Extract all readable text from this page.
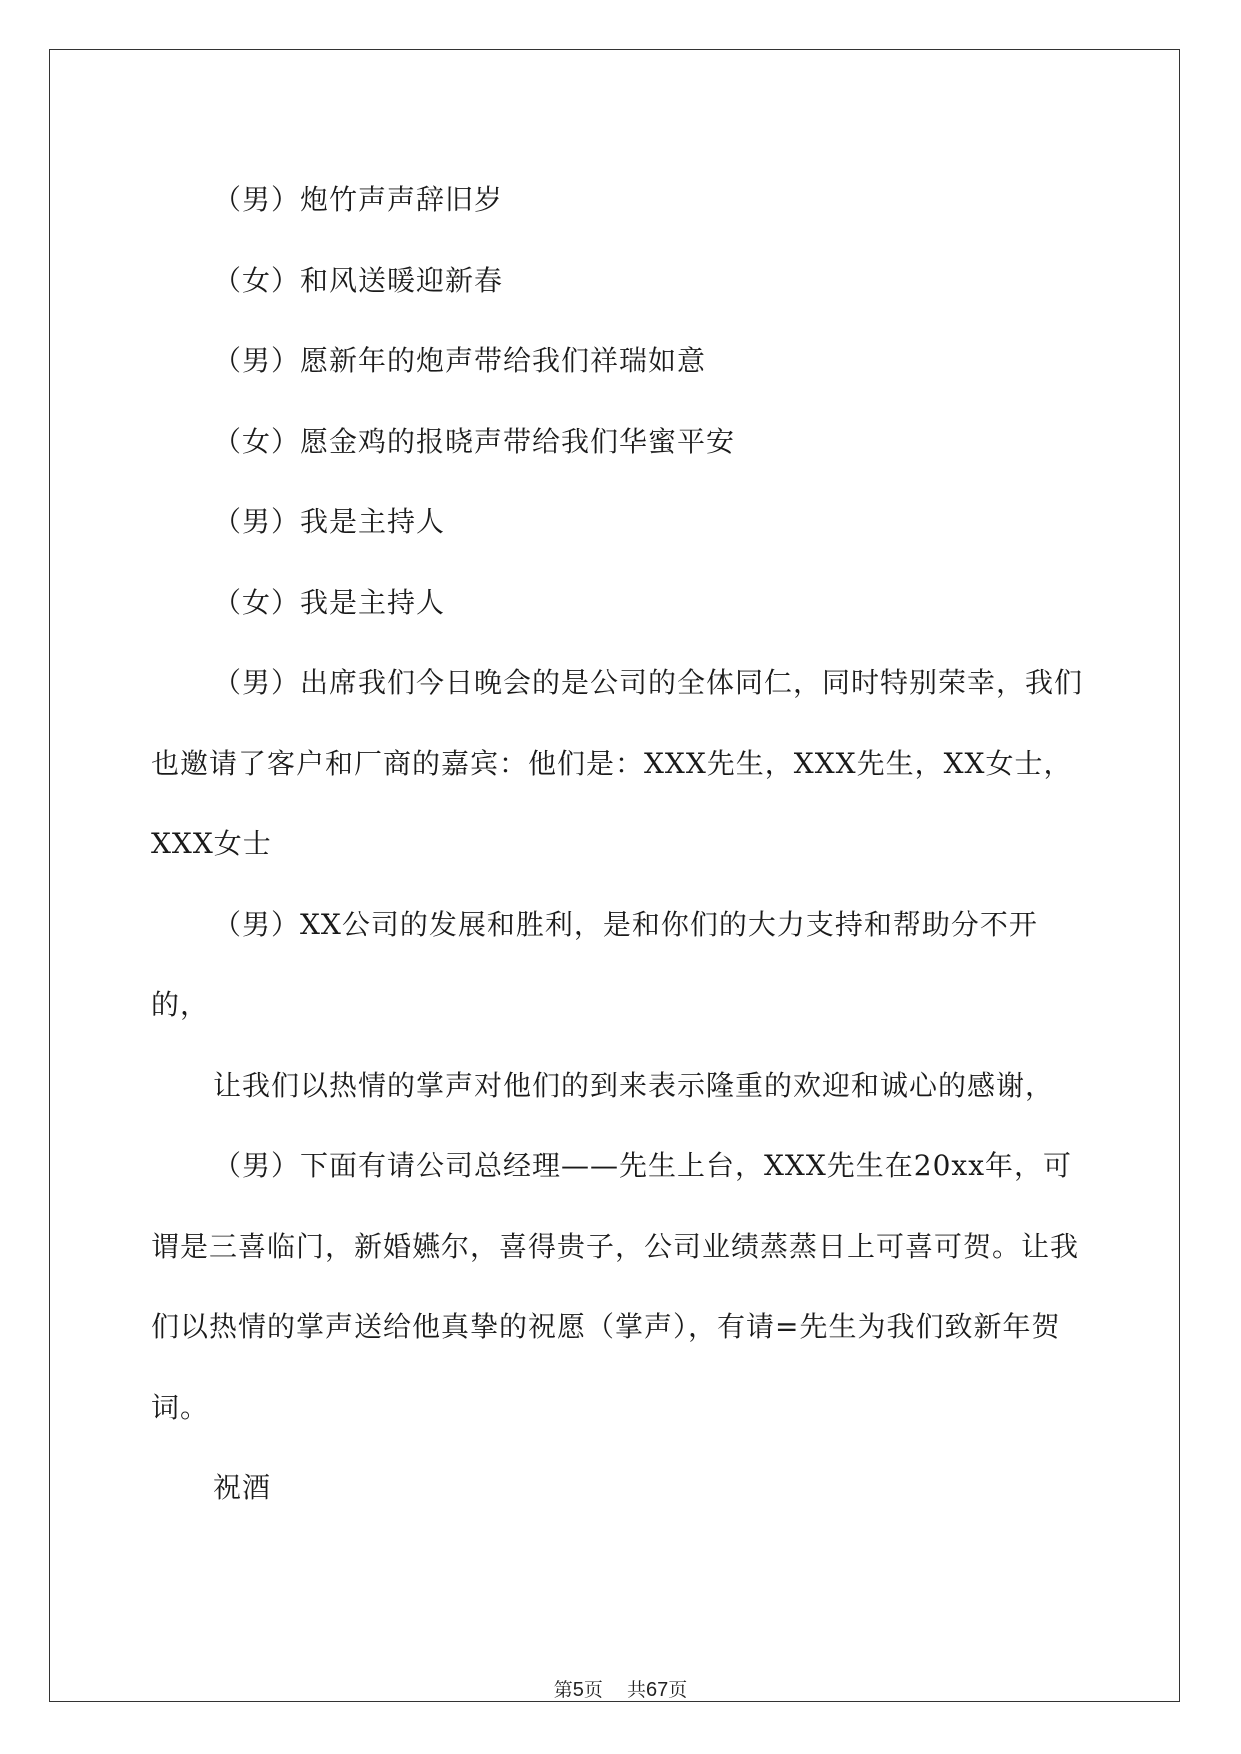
（男）炮竹声声辞旧岁

（女）和风送暖迎新春

（男）愿新年的炮声带给我们祥瑞如意

（女）愿金鸡的报晓声带给我们华蜜平安

（男）我是主持人

（女）我是主持人

（男）出席我们今日晚会的是公司的全体同仁，同时特别荣幸，我们也邀请了客户和厂商的嘉宾：他们是：XXX先生，XXX先生，XX女士，XXX女士

（男）XX公司的发展和胜利，是和你们的大力支持和帮助分不开的，

让我们以热情的掌声对他们的到来表示隆重的欢迎和诚心的感谢，

（男）下面有请公司总经理——先生上台，XXX先生在20xx年，可谓是三喜临门，新婚嬿尔，喜得贵子，公司业绩蒸蒸日上可喜可贺。让我们以热情的掌声送给他真挚的祝愿（掌声），有请=先生为我们致新年贺词。

祝酒

第5页 共67页
